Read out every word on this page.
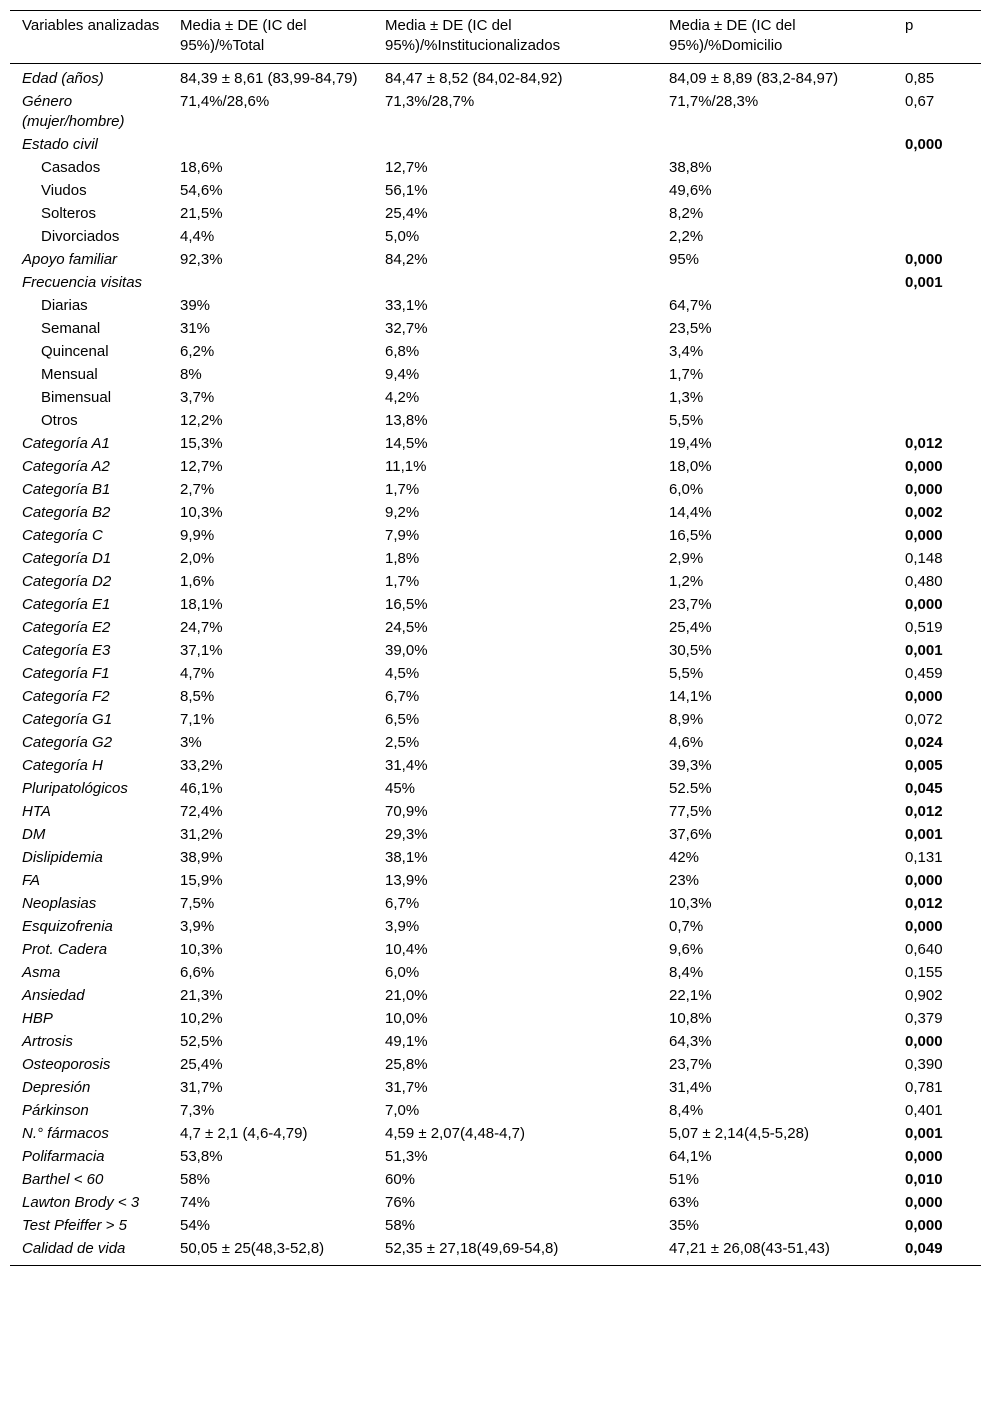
Variables analizadas	Media ± DE (IC del 95%)/%Total	Media ± DE (IC del 95%)/%Institucionalizados	Media ± DE (IC del 95%)/%Domicilio	p
Edad (años)	84,39 ± 8,61 (83,99-84,79)	84,47 ± 8,52 (84,02-84,92)	84,09 ± 8,89 (83,2-84,97)	0,85
Género (mujer/hombre)	71,4%/28,6%	71,3%/28,7%	71,7%/28,3%	0,67
Estado civil				0,000
Casados	18,6%	12,7%	38,8%	
Viudos	54,6%	56,1%	49,6%	
Solteros	21,5%	25,4%	8,2%	
Divorciados	4,4%	5,0%	2,2%	
Apoyo familiar	92,3%	84,2%	95%	0,000
Frecuencia visitas				0,001
Diarias	39%	33,1%	64,7%	
Semanal	31%	32,7%	23,5%	
Quincenal	6,2%	6,8%	3,4%	
Mensual	8%	9,4%	1,7%	
Bimensual	3,7%	4,2%	1,3%	
Otros	12,2%	13,8%	5,5%	
Categoría A1	15,3%	14,5%	19,4%	0,012
Categoría A2	12,7%	11,1%	18,0%	0,000
Categoría B1	2,7%	1,7%	6,0%	0,000
Categoría B2	10,3%	9,2%	14,4%	0,002
Categoría C	9,9%	7,9%	16,5%	0,000
Categoría D1	2,0%	1,8%	2,9%	0,148
Categoría D2	1,6%	1,7%	1,2%	0,480
Categoría E1	18,1%	16,5%	23,7%	0,000
Categoría E2	24,7%	24,5%	25,4%	0,519
Categoría E3	37,1%	39,0%	30,5%	0,001
Categoría F1	4,7%	4,5%	5,5%	0,459
Categoría F2	8,5%	6,7%	14,1%	0,000
Categoría G1	7,1%	6,5%	8,9%	0,072
Categoría G2	3%	2,5%	4,6%	0,024
Categoría H	33,2%	31,4%	39,3%	0,005
Pluripatológicos	46,1%	45%	52.5%	0,045
HTA	72,4%	70,9%	77,5%	0,012
DM	31,2%	29,3%	37,6%	0,001
Dislipidemia	38,9%	38,1%	42%	0,131
FA	15,9%	13,9%	23%	0,000
Neoplasias	7,5%	6,7%	10,3%	0,012
Esquizofrenia	3,9%	3,9%	0,7%	0,000
Prot. Cadera	10,3%	10,4%	9,6%	0,640
Asma	6,6%	6,0%	8,4%	0,155
Ansiedad	21,3%	21,0%	22,1%	0,902
HBP	10,2%	10,0%	10,8%	0,379
Artrosis	52,5%	49,1%	64,3%	0,000
Osteoporosis	25,4%	25,8%	23,7%	0,390
Depresión	31,7%	31,7%	31,4%	0,781
Párkinson	7,3%	7,0%	8,4%	0,401
N.° fármacos	4,7 ± 2,1 (4,6-4,79)	4,59 ± 2,07(4,48-4,7)	5,07 ± 2,14(4,5-5,28)	0,001
Polifarmacia	53,8%	51,3%	64,1%	0,000
Barthel < 60	58%	60%	51%	0,010
Lawton Brody < 3	74%	76%	63%	0,000
Test Pfeiffer > 5	54%	58%	35%	0,000
Calidad de vida	50,05 ± 25(48,3-52,8)	52,35 ± 27,18(49,69-54,8)	47,21 ± 26,08(43-51,43)	0,049
